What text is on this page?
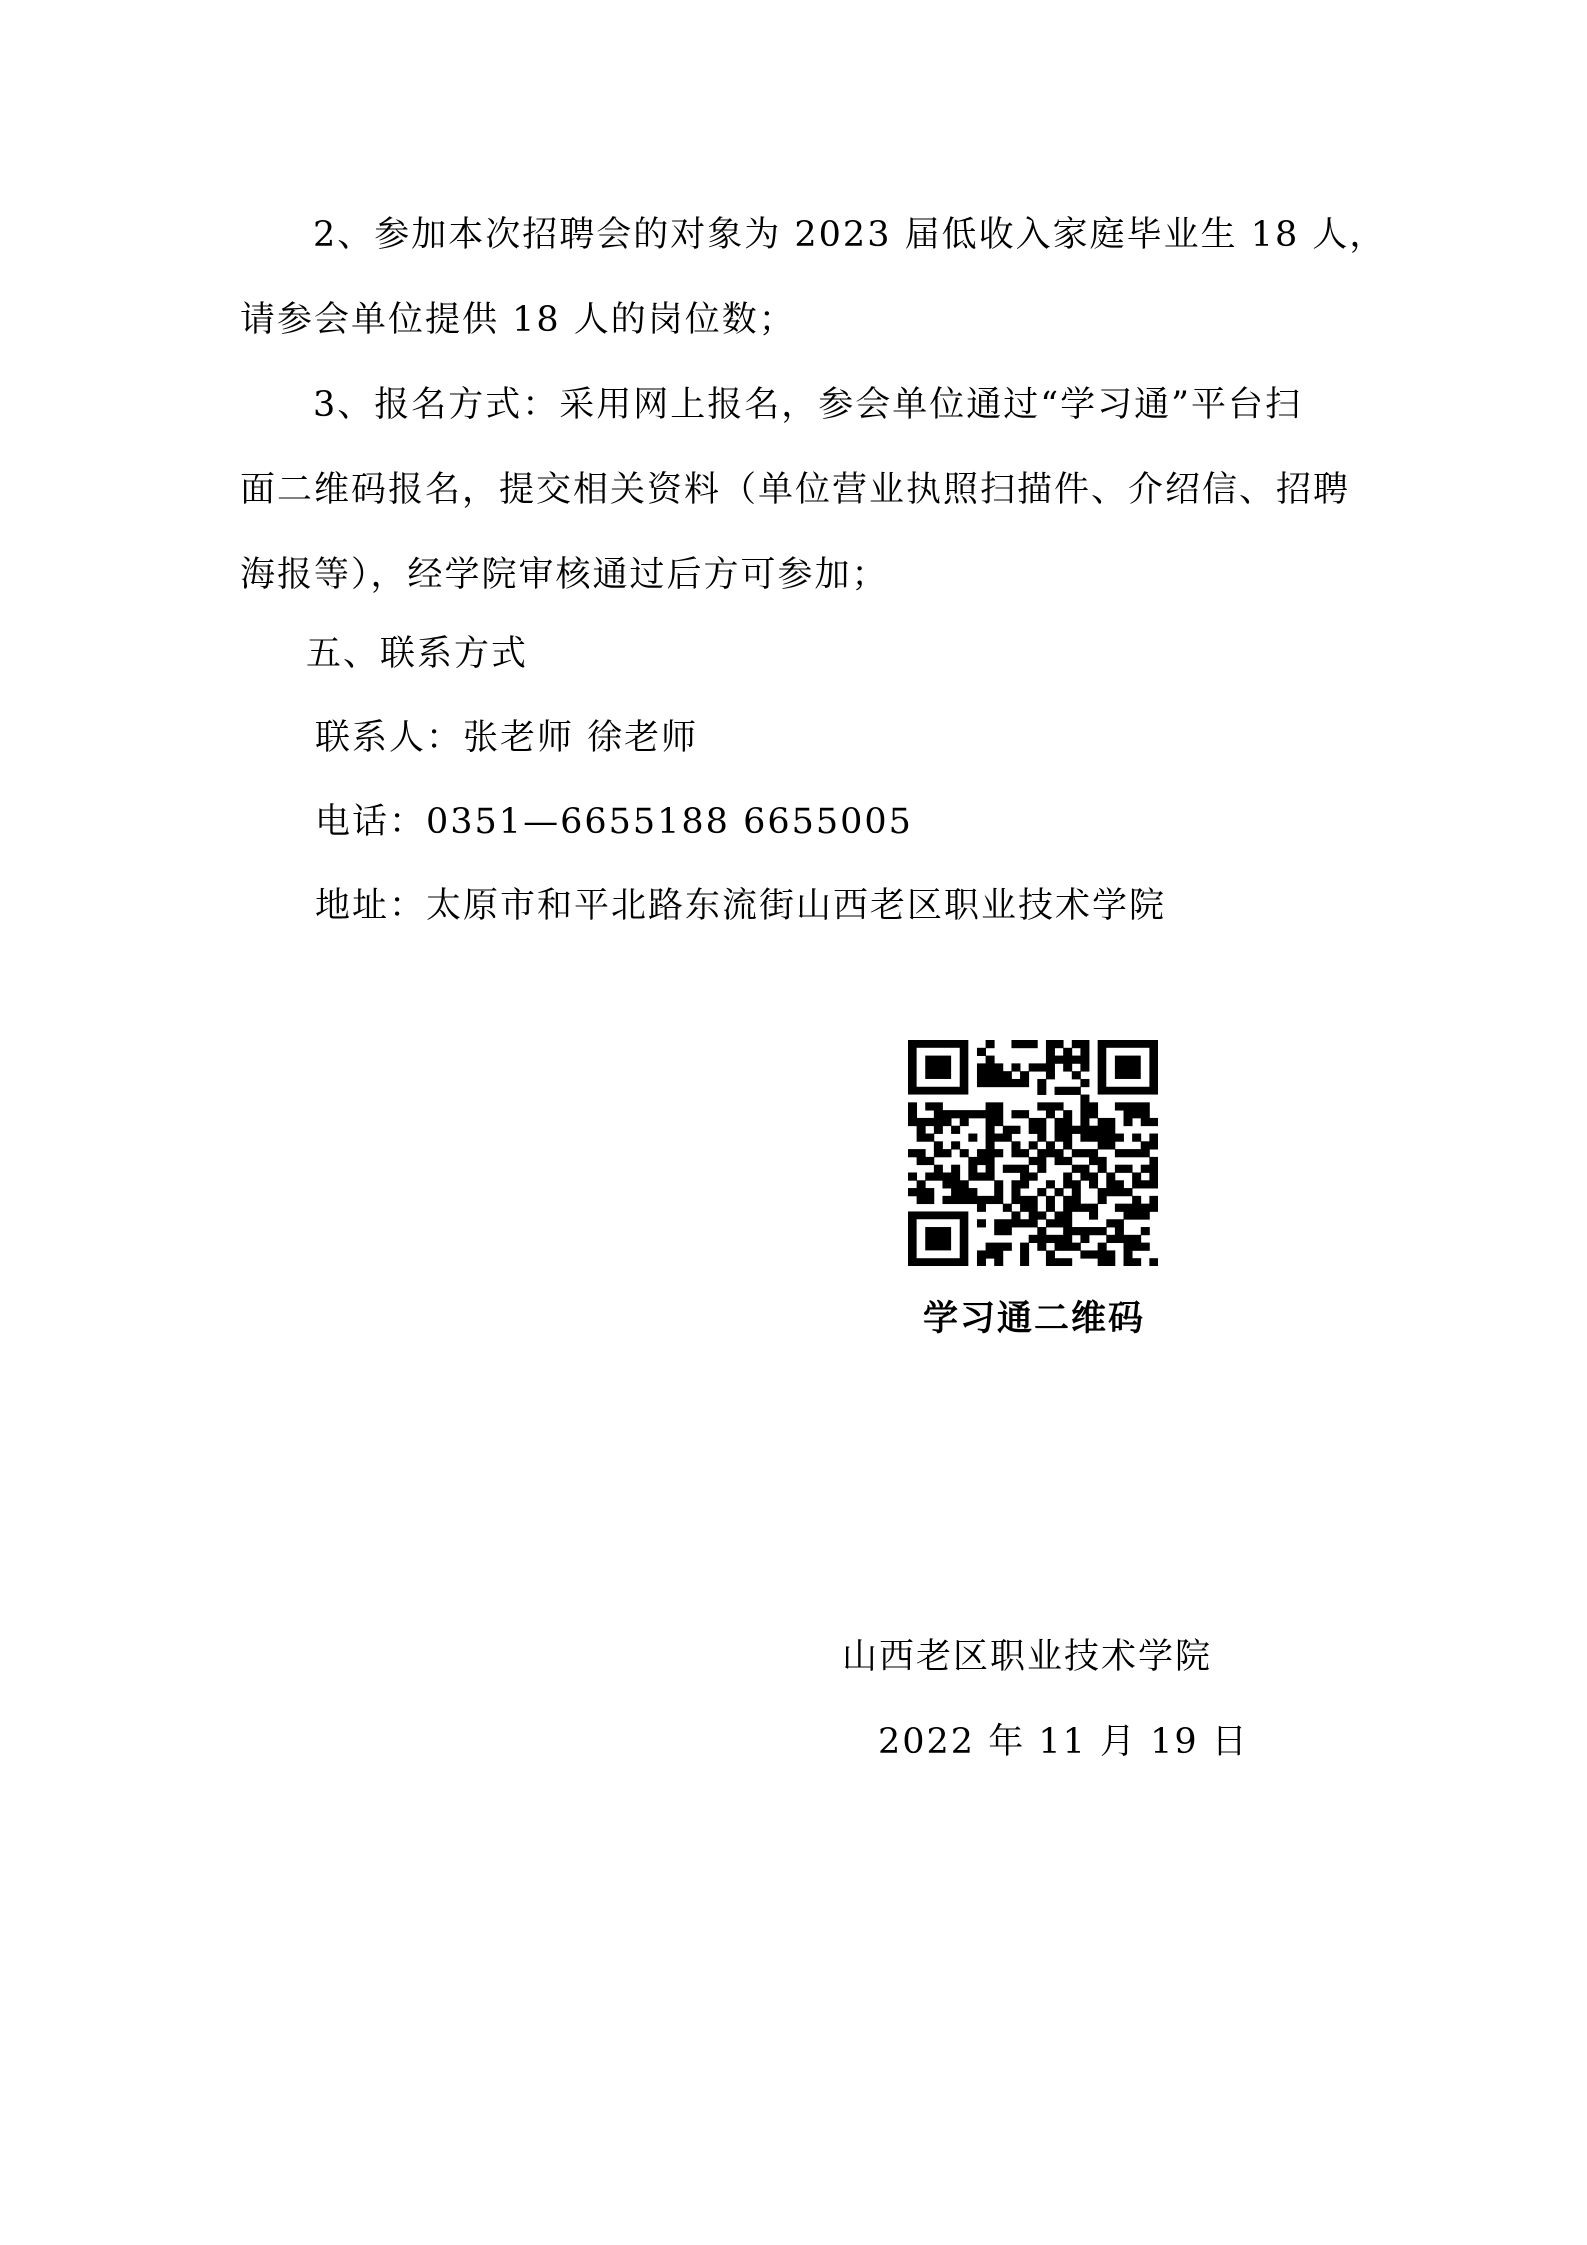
2、参加本次招聘会的对象为 2023 届低收入家庭毕业生 18 人，
请参会单位提供 18 人的岗位数；
3、报名方式：采用网上报名，参会单位通过“学习通”平台扫
面二维码报名，提交相关资料（单位营业执照扫描件、介绍信、招聘
海报等），经学院审核通过后方可参加；
五、联系方式
联系人：张老师 徐老师
电话：0351—6655188 6655005
地址：太原市和平北路东流街山西老区职业技术学院
学习通二维码
山西老区职业技术学院
2022 年 11 月 19 日
